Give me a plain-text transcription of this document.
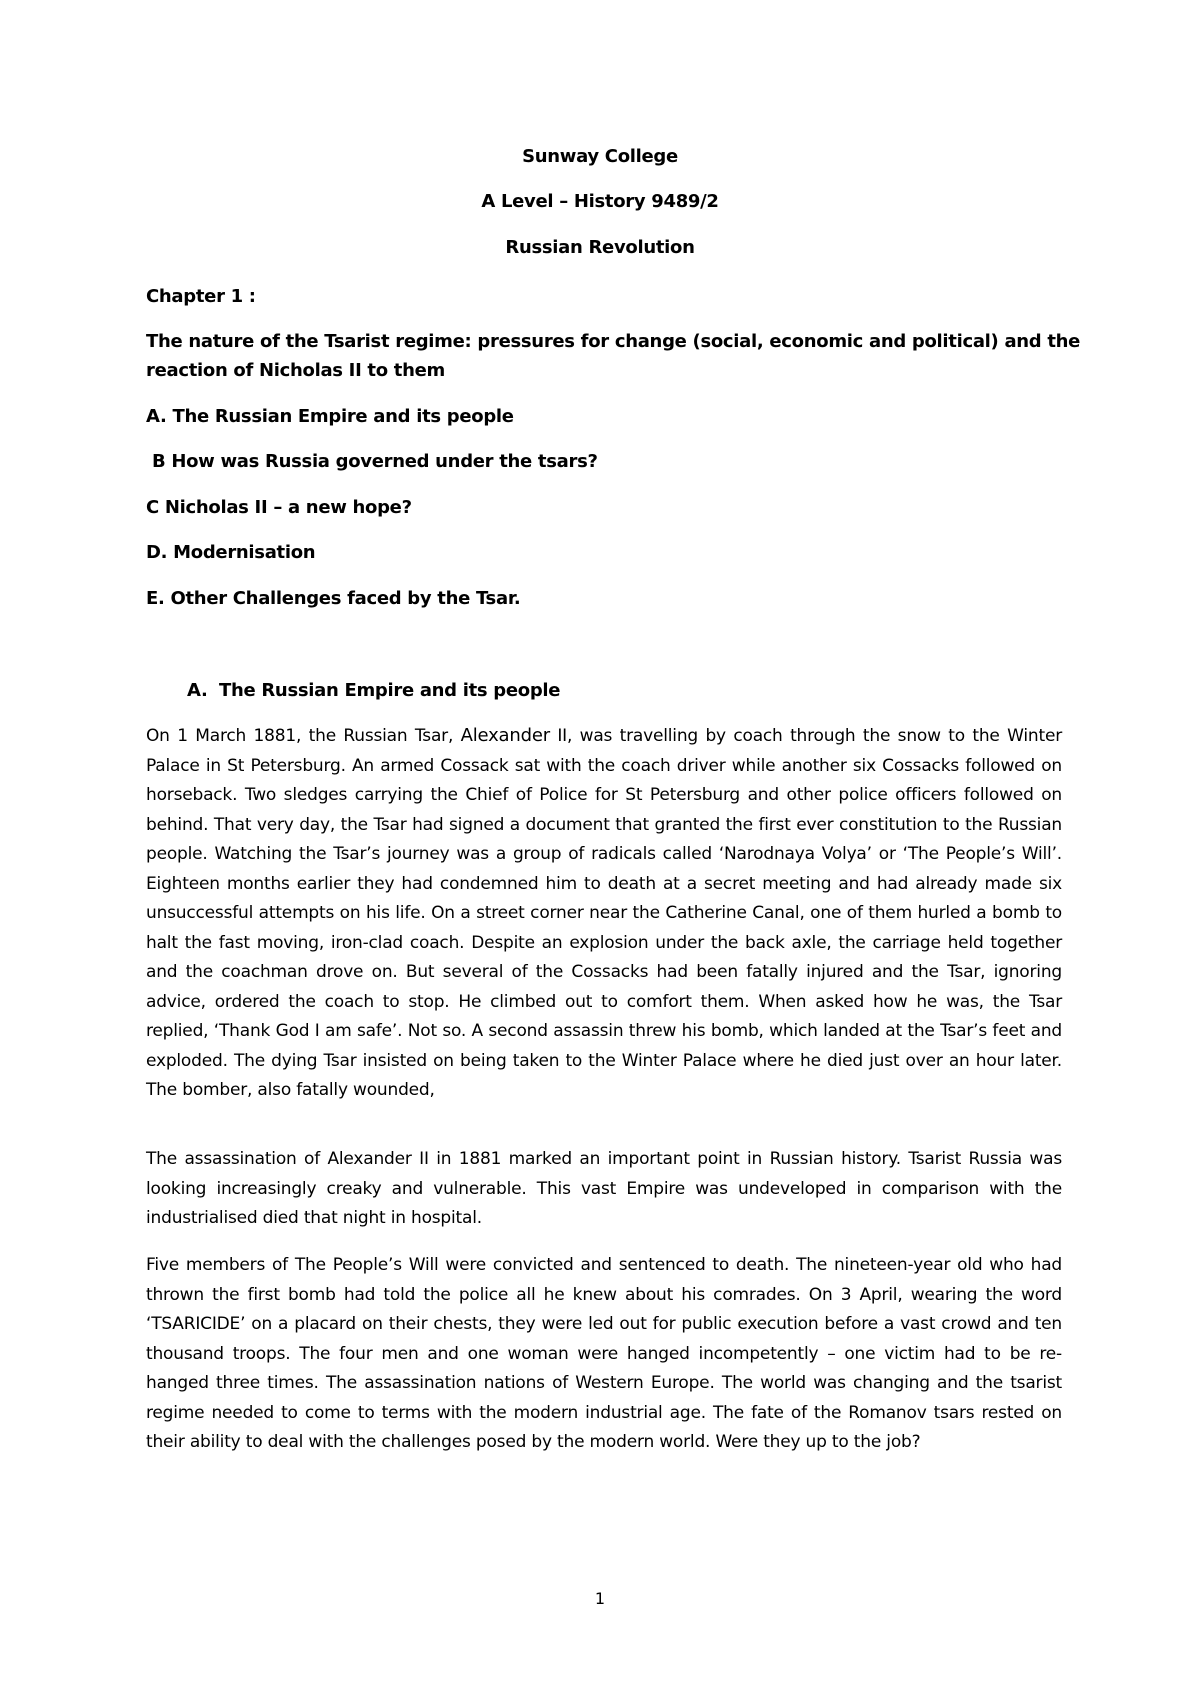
Sunway College
A Level – History 9489/2
Russian Revolution
Chapter 1 :
The nature of the Tsarist regime: pressures for change (social, economic and political) and the
reaction of Nicholas II to them
A. The Russian Empire and its people
B How was Russia governed under the tsars?
C Nicholas II – a new hope?
D. Modernisation
E. Other Challenges faced by the Tsar.
A. The Russian Empire and its people

On 1 March 1881, the Russian Tsar, Alexander II, was travelling by coach through the snow to the Winter Palace in St Petersburg. An armed Cossack sat with the coach driver while another six Cossacks followed on horseback. Two sledges carrying the Chief of Police for St Petersburg and other police officers followed on behind. That very day, the Tsar had signed a document that granted the first ever constitution to the Russian people. Watching the Tsar’s journey was a group of radicals called ‘Narodnaya Volya’ or ‘The People’s Will’. Eighteen months earlier they had condemned him to death at a secret meeting and had already made six unsuccessful attempts on his life. On a street corner near the Catherine Canal, one of them hurled a bomb to halt the fast moving, iron-clad coach. Despite an explosion under the back axle, the carriage held together and the coachman drove on. But several of the Cossacks had been fatally injured and the Tsar, ignoring advice, ordered the coach to stop. He climbed out to comfort them. When asked how he was, the Tsar replied, ‘Thank God I am safe’. Not so. A second assassin threw his bomb, which landed at the Tsar’s feet and exploded. The dying Tsar insisted on being taken to the Winter Palace where he died just over an hour later. The bomber, also fatally wounded,

The assassination of Alexander II in 1881 marked an important point in Russian history. Tsarist Russia was looking increasingly creaky and vulnerable. This vast Empire was undeveloped in comparison with the industrialised died that night in hospital.

Five members of The People’s Will were convicted and sentenced to death. The nineteen-year old who had thrown the first bomb had told the police all he knew about his comrades. On 3 April, wearing the word ‘TSARICIDE’ on a placard on their chests, they were led out for public execution before a vast crowd and ten thousand troops. The four men and one woman were hanged incompetently – one victim had to be re-hanged three times. The assassination nations of Western Europe. The world was changing and the tsarist regime needed to come to terms with the modern industrial age. The fate of the Romanov tsars rested on their ability to deal with the challenges posed by the modern world. Were they up to the job?

1
